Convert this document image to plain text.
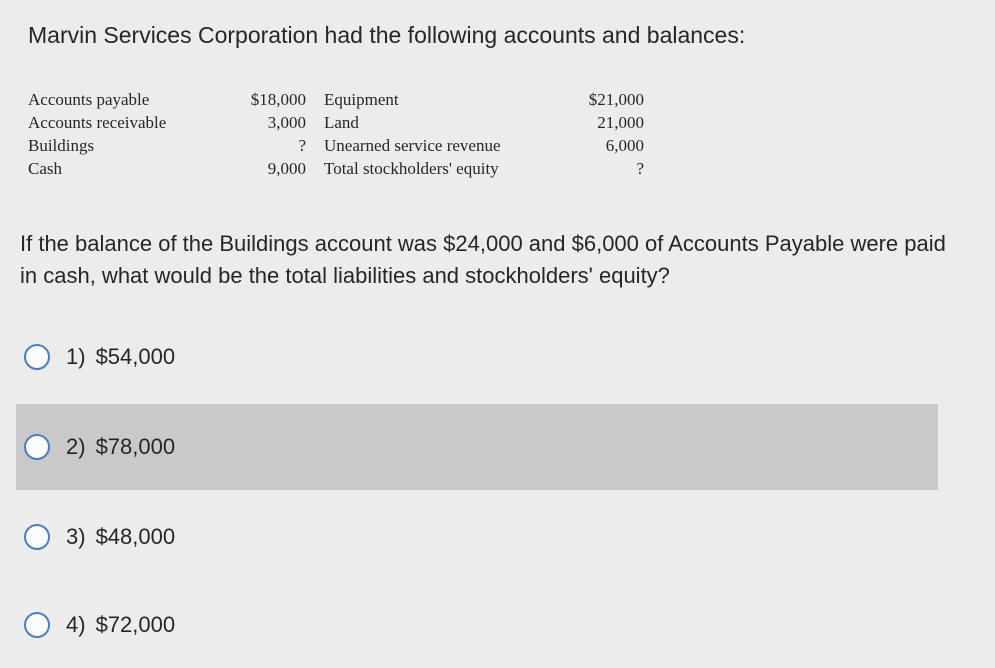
Marvin Services Corporation had the following accounts and balances:
Accounts payable
Accounts receivable
Buildings
Cash
$18,000
3,000
?
9,000
Equipment
Land
Unearned service revenue
Total stockholders' equity
$21,000
21,000
6,000
?
If the balance of the Buildings account was $24,000 and $6,000 of Accounts Payable were paid in cash, what would be the total liabilities and stockholders' equity?
1) $54,000
2) $78,000
3) $48,000
4) $72,000
